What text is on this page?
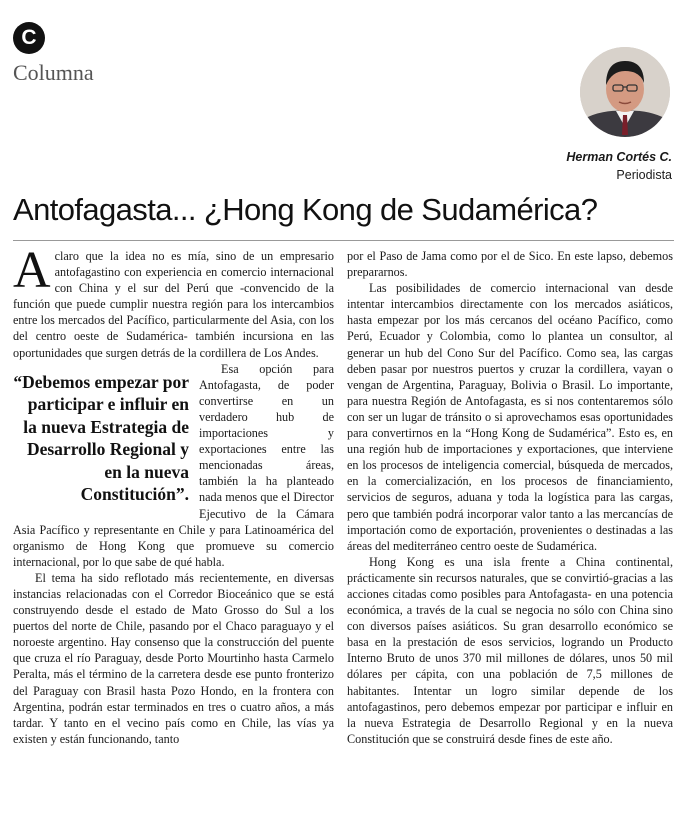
C
Columna
Herman Cortés C.
Periodista
Antofagasta... ¿Hong Kong de Sudamérica?

Aclaro que la idea no es mía, sino de un empresario antofagastino con experiencia en comercio internacional con China y el sur del Perú que -convencido de la función que puede cumplir nuestra región para los intercambios entre los mercados del Pacífico, particularmente del Asia, con los del centro oeste de Sudamérica- también incursiona en las oportunidades que surgen detrás de la cordillera de Los Andes.

“Debemos empezar por participar e influir en la nueva Estrategia de Desarrollo Regional y en la nueva Constitución”.

Esa opción para Antofagasta, de poder convertirse en un verdadero hub de importaciones y exportaciones entre las mencionadas áreas, también la ha planteado nada menos que el Director Ejecutivo de la Cámara Asia Pacífico y representante en Chile y para Latinoamérica del organismo de Hong Kong que promueve su comercio internacional, por lo que sabe de qué habla.

El tema ha sido reflotado más recientemente, en diversas instancias relacionadas con el Corredor Bioceánico que se está construyendo desde el estado de Mato Grosso do Sul a los puertos del norte de Chile, pasando por el Chaco paraguayo y el noroeste argentino. Hay consenso que la construcción del puente que cruza el río Paraguay, desde Porto Mourtinho hasta Carmelo Peralta, más el término de la carretera desde ese punto fronterizo del Paraguay con Brasil hasta Pozo Hondo, en la frontera con Argentina, podrán estar terminados en tres o cuatro años, a más tardar. Y tanto en el vecino país como en Chile, las vías ya existen y están funcionando, tanto

por el Paso de Jama como por el de Sico. En este lapso, debemos prepararnos.

Las posibilidades de comercio internacional van desde intentar intercambios directamente con los mercados asiáticos, hasta empezar por los más cercanos del océano Pacífico, como Perú, Ecuador y Colombia, como lo plantea un consultor, al generar un hub del Cono Sur del Pacífico. Como sea, las cargas deben pasar por nuestros puertos y cruzar la cordillera, vayan o vengan de Argentina, Paraguay, Bolivia o Brasil. Lo importante, para nuestra Región de Antofagasta, es si nos contentaremos sólo con ser un lugar de tránsito o si aprovechamos esas oportunidades para convertirnos en la “Hong Kong de Sudamérica”. Esto es, en una región hub de importaciones y exportaciones, que interviene en los procesos de inteligencia comercial, búsqueda de mercados, en la comercialización, en los procesos de financiamiento, servicios de seguros, aduana y toda la logística para las cargas, pero que también podrá incorporar valor tanto a las mercancías de importación como de exportación, provenientes o destinadas a las áreas del mediterráneo centro oeste de Sudamérica.

Hong Kong es una isla frente a China continental, prácticamente sin recursos naturales, que se convirtió-gracias a las acciones citadas como posibles para Antofagasta- en una potencia económica, a través de la cual se negocia no sólo con China sino con diversos países asiáticos. Su gran desarrollo económico se basa en la prestación de esos servicios, logrando un Producto Interno Bruto de unos 370 mil millones de dólares, unos 50 mil dólares per cápita, con una población de 7,5 millones de habitantes. Intentar un logro similar depende de los antofagastinos, pero debemos empezar por participar e influir en la nueva Estrategia de Desarrollo Regional y en la nueva Constitución que se construirá desde fines de este año.
